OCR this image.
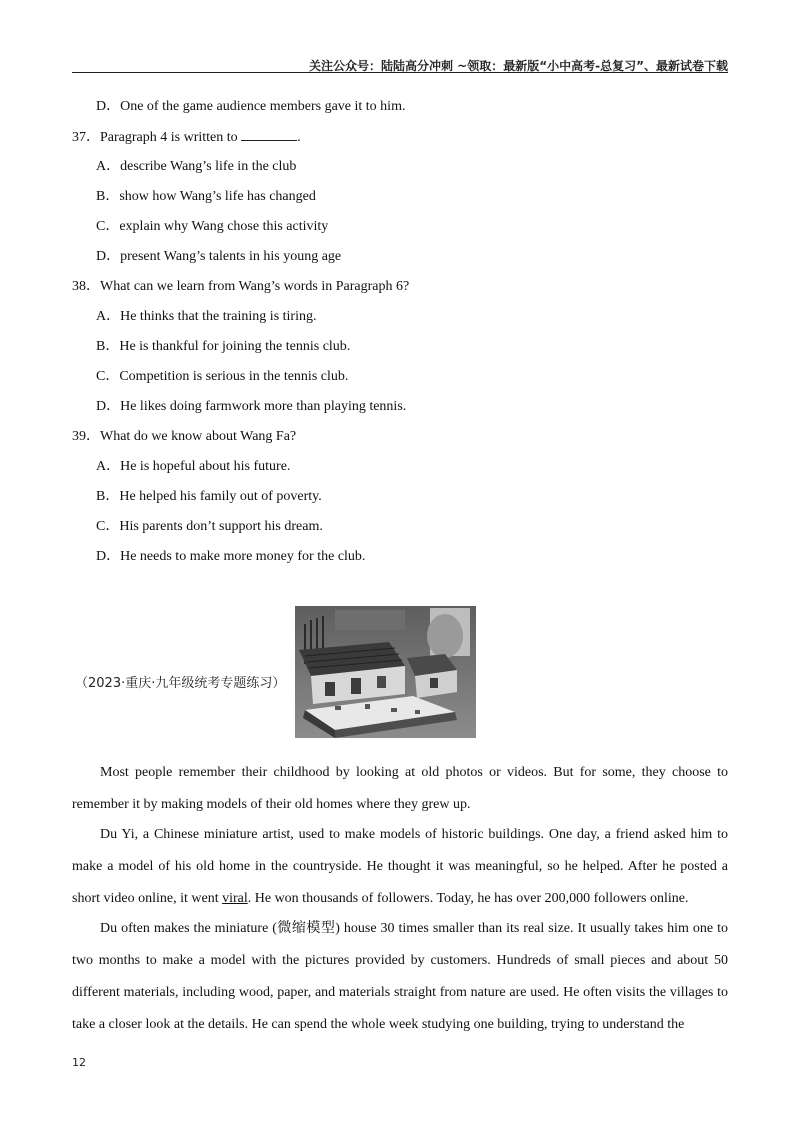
关注公众号：陆陆高分冲刺 ~领取：最新版“小中高考-总复习”、最新试卷下载
D．One of the game audience members gave it to him.
37．Paragraph 4 is written to	.
A．describe Wang’s life in the club
B．show how Wang’s life has changed
C．explain why Wang chose this activity
D．present Wang’s talents in his young age
38．What can we learn from Wang’s words in Paragraph 6?
A．He thinks that the training is tiring.
B．He is thankful for joining the tennis club.
C．Competition is serious in the tennis club.
D．He likes doing farmwork more than playing tennis.
39．What do we know about Wang Fa?
A．He is hopeful about his future.
B．He helped his family out of poverty.
C．His parents don’t support his dream.
D．He needs to make more money for the club.
（2023·重庆·九年级统考专题练习）
Most people remember their childhood by looking at old photos or videos. But for some, they choose to remember it by making models of their old homes where they grew up.
Du Yi, a Chinese miniature artist, used to make models of historic buildings. One day, a friend asked him to make a model of his old home in the countryside. He thought it was meaningful, so he helped. After he posted a short video online, it went viral. He won thousands of followers. Today, he has over 200,000 followers online.
Du often makes the miniature (微缩模型) house 30 times smaller than its real size. It usually takes him one to two months to make a model with the pictures provided by customers. Hundreds of small pieces and about 50 different materials, including wood, paper, and materials straight from nature are used. He often visits the villages to take a closer look at the details. He can spend the whole week studying one building, trying to understand the
12
